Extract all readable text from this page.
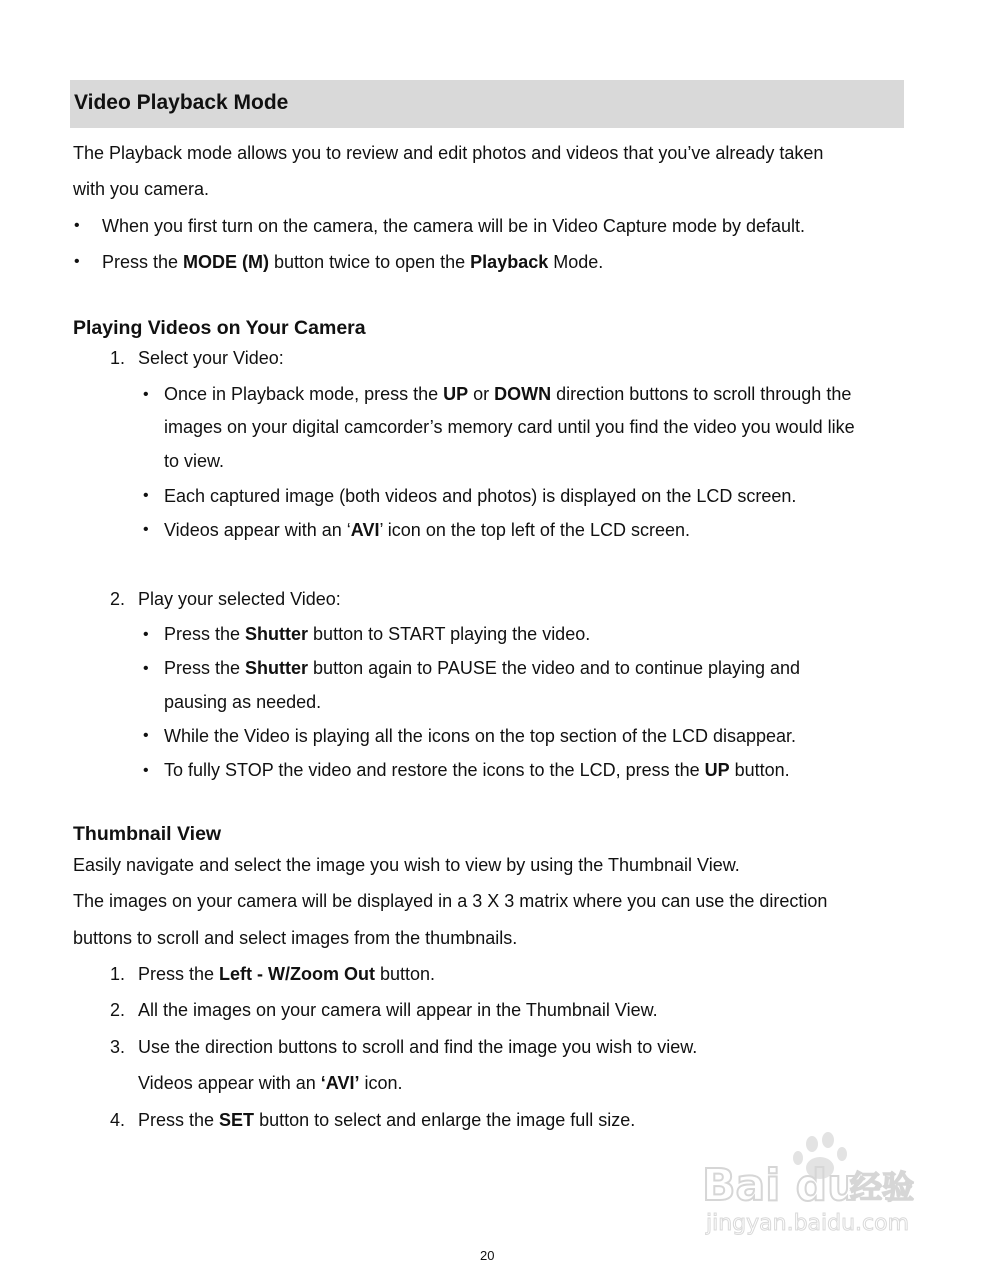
Video Playback Mode

The Playback mode allows you to review and edit photos and videos that you’ve already taken

with you camera.

• When you first turn on the camera, the camera will be in Video Capture mode by default.

• Press the MODE (M) button twice to open the Playback Mode.

Playing Videos on Your Camera

1. Select your Video:

• Once in Playback mode, press the UP or DOWN direction buttons to scroll through the

images on your digital camcorder’s memory card until you find the video you would like

to view.

• Each captured image (both videos and photos) is displayed on the LCD screen.

• Videos appear with an ‘AVI’ icon on the top left of the LCD screen.

2. Play your selected Video:

• Press the Shutter button to START playing the video.

• Press the Shutter button again to PAUSE the video and to continue playing and

pausing as needed.

• While the Video is playing all the icons on the top section of the LCD disappear.

• To fully STOP the video and restore the icons to the LCD, press the UP button.

Thumbnail View

Easily navigate and select the image you wish to view by using the Thumbnail View.

The images on your camera will be displayed in a 3 X 3 matrix where you can use the direction

buttons to scroll and select images from the thumbnails.

1. Press the Left - W/Zoom Out button.

2. All the images on your camera will appear in the Thumbnail View.

3. Use the direction buttons to scroll and find the image you wish to view.

Videos appear with an ‘AVI’ icon.

4. Press the SET button to select and enlarge the image full size.

Bai du
经验
jingyan.baidu.com
20
